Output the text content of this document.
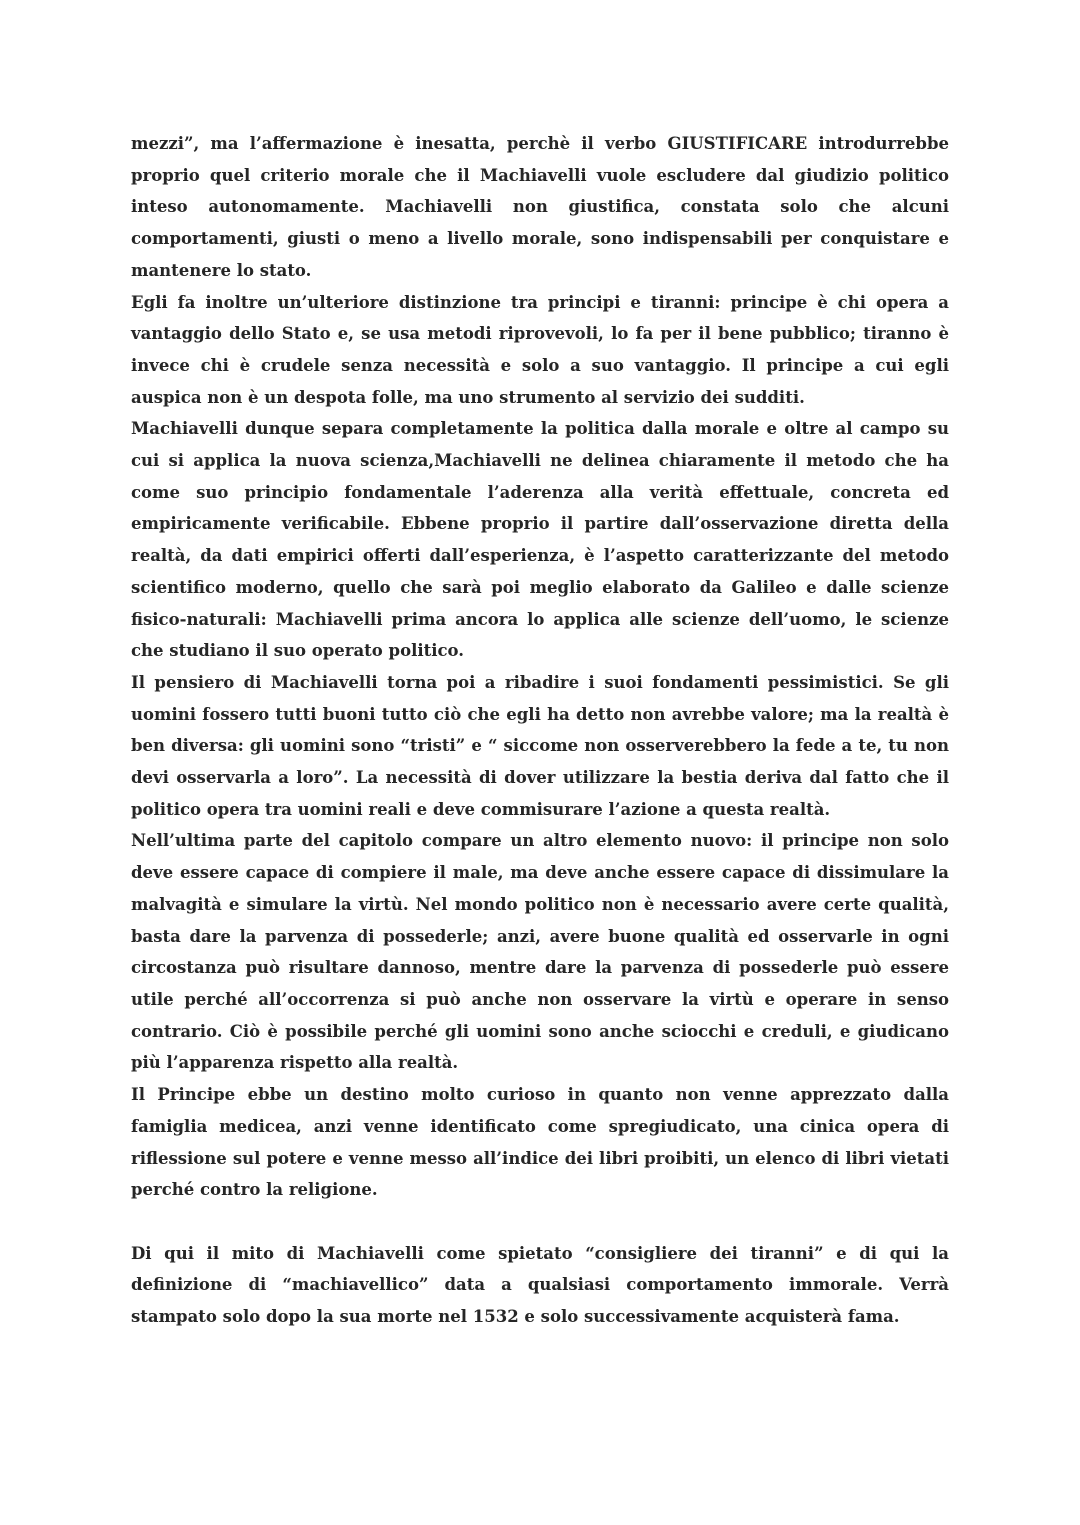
mezzi”, ma l’affermazione è inesatta, perchè il verbo GIUSTIFICARE introdurrebbe proprio quel criterio morale che il Machiavelli vuole escludere dal giudizio politico inteso autonomamente. Machiavelli non giustifica, constata solo che alcuni comportamenti, giusti o meno a livello morale, sono indispensabili per conquistare e mantenere lo stato.

Egli fa inoltre un’ulteriore distinzione tra principi e tiranni: principe è chi opera a vantaggio dello Stato e, se usa metodi riprovevoli, lo fa per il bene pubblico; tiranno è invece chi è crudele senza necessità e solo a suo vantaggio. Il principe a cui egli auspica non è un despota folle, ma uno strumento al servizio dei sudditi.

Machiavelli dunque separa completamente la politica dalla morale e oltre al campo su cui si applica la nuova scienza,Machiavelli ne delinea chiaramente il metodo che ha come suo principio fondamentale l’aderenza alla verità effettuale, concreta ed empiricamente verificabile. Ebbene proprio il partire dall’osservazione diretta della realtà, da dati empirici offerti dall’esperienza, è l’aspetto caratterizzante del metodo scientifico moderno, quello che sarà poi meglio elaborato da Galileo e dalle scienze fisico-naturali: Machiavelli prima ancora lo applica alle scienze dell’uomo, le scienze che studiano il suo operato politico.

Il pensiero di Machiavelli torna poi a ribadire i suoi fondamenti pessimistici. Se gli uomini fossero tutti buoni tutto ciò che egli ha detto non avrebbe valore; ma la realtà è ben diversa: gli uomini sono “tristi” e “ siccome non osserverebbero la fede a te, tu non devi osservarla a loro”. La necessità di dover utilizzare la bestia deriva dal fatto che il politico opera tra uomini reali e deve commisurare l’azione a questa realtà.

Nell’ultima parte del capitolo compare un altro elemento nuovo: il principe non solo deve essere capace di compiere il male, ma deve anche essere capace di dissimulare la malvagità e simulare la virtù. Nel mondo politico non è necessario avere certe qualità, basta dare la parvenza di possederle; anzi, avere buone qualità ed osservarle in ogni circostanza può risultare dannoso, mentre dare la parvenza di possederle può essere utile perché all’occorrenza si può anche non osservare la virtù e operare in senso contrario. Ciò è possibile perché gli uomini sono anche sciocchi e creduli, e giudicano più l’apparenza rispetto alla realtà.

Il Principe ebbe un destino molto curioso in quanto non venne apprezzato dalla famiglia medicea, anzi venne identificato come spregiudicato, una cinica opera di riflessione sul potere e venne messo all’indice dei libri proibiti, un elenco di libri vietati perché contro la religione.

Di qui il mito di Machiavelli come spietato “consigliere dei tiranni” e di qui la definizione di “machiavellico” data a qualsiasi comportamento immorale. Verrà stampato solo dopo la sua morte nel 1532 e solo successivamente acquisterà fama.
